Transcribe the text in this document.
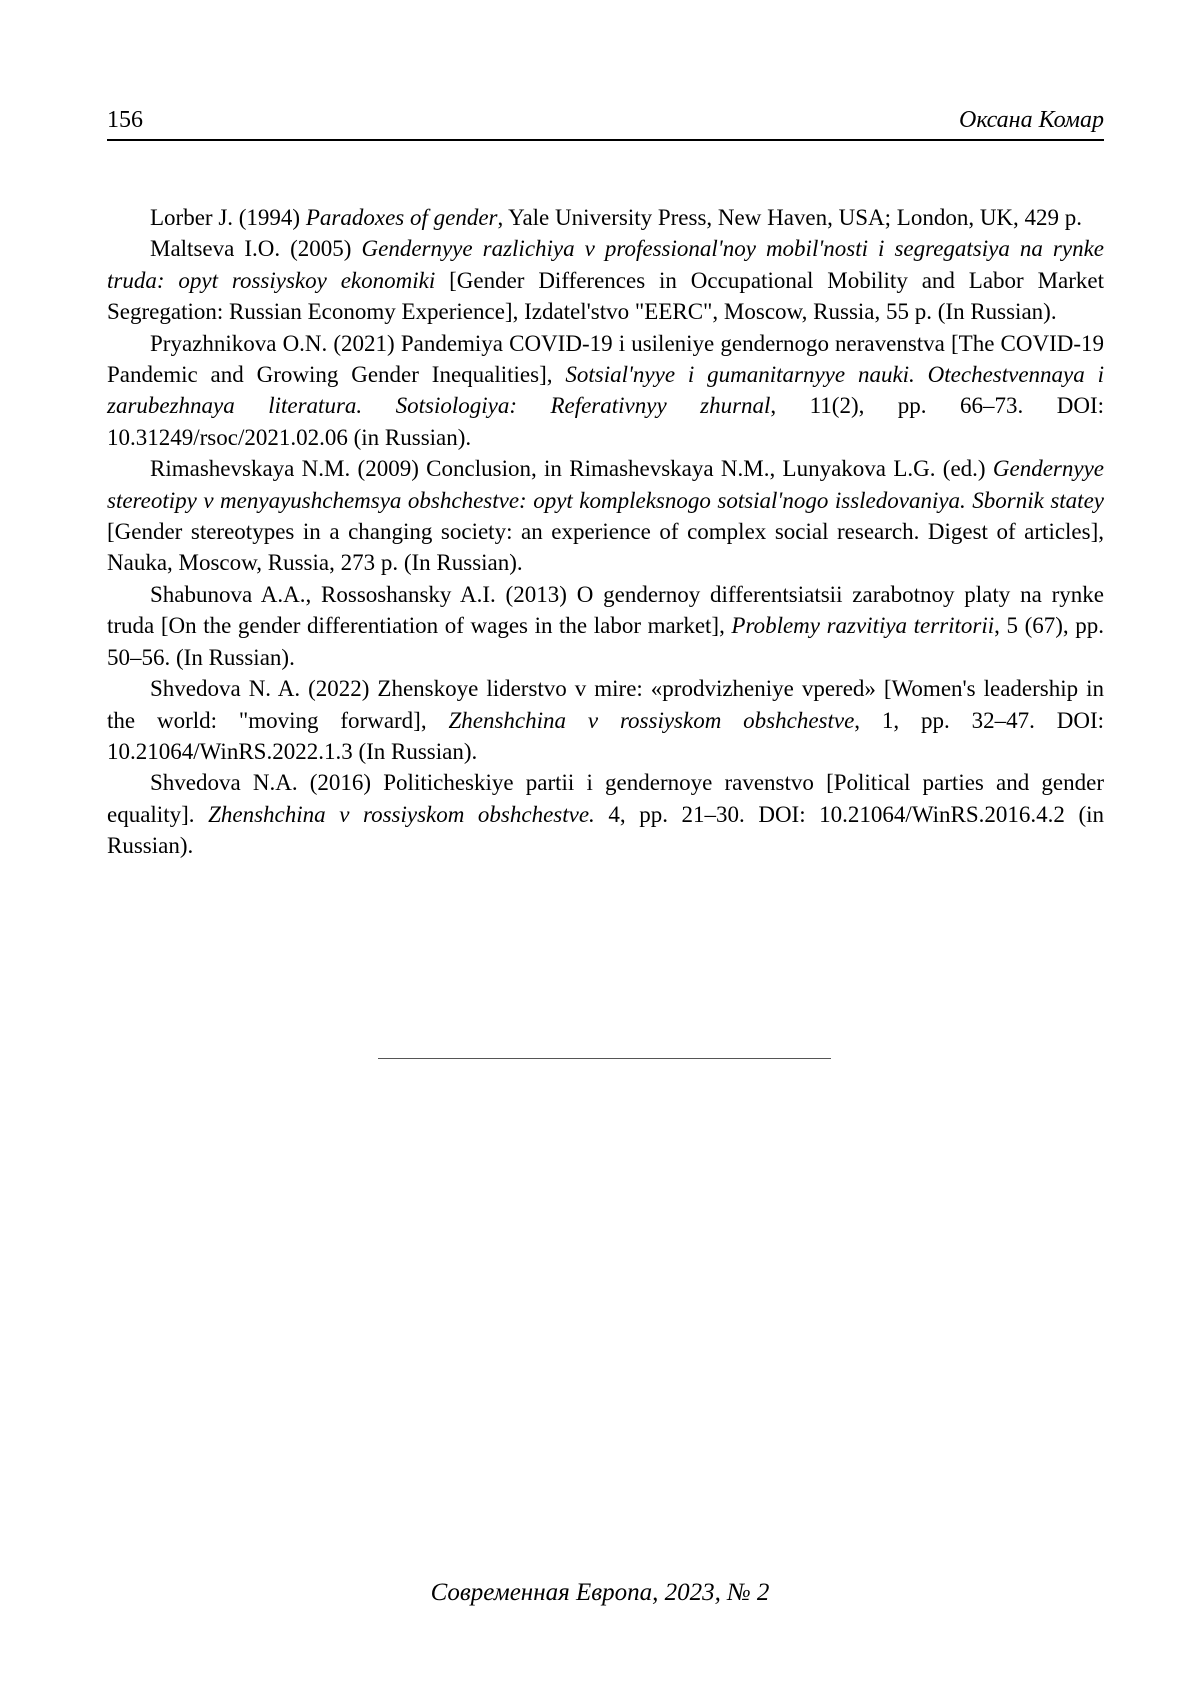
156	Оксана Комар

Lorber J. (1994) Paradoxes of gender, Yale University Press, New Haven, USA; London, UK, 429 p.

Maltseva I.O. (2005) Gendernyye razlichiya v professional'noy mobil'nosti i segregatsiya na rynke truda: opyt rossiyskoy ekonomiki [Gender Differences in Occupational Mobility and Labor Market Segregation: Russian Economy Experience], Izdatel'stvo "EERC", Moscow, Russia, 55 p. (In Russian).

Pryazhnikova O.N. (2021) Pandemiya COVID-19 i usileniye gendernogo neravenstva [The COVID-19 Pandemic and Growing Gender Inequalities], Sotsial'nyye i gumanitarnyye nauki. Otechestvennaya i zarubezhnaya literatura. Sotsiologiya: Referativnyy zhurnal, 11(2), pp. 66–73. DOI: 10.31249/rsoc/2021.02.06 (in Russian).

Rimashevskaya N.M. (2009) Conclusion, in Rimashevskaya N.M., Lunyakova L.G. (ed.) Gendernyye stereotipy v menyayushchemsya obshchestve: opyt kompleksnogo sotsial'nogo issledovaniya. Sbornik statey [Gender stereotypes in a changing society: an experience of complex social research. Digest of articles], Nauka, Moscow, Russia, 273 p. (In Russian).

Shabunova A.A., Rossoshansky A.I. (2013) O gendernoy differentsiatsii zarabotnoy platy na rynke truda [On the gender differentiation of wages in the labor market], Problemy razvitiya territorii, 5 (67), pp. 50–56. (In Russian).

Shvedova N. A. (2022) Zhenskoye liderstvo v mire: «prodvizheniye vpered» [Women's leadership in the world: "moving forward], Zhenshchina v rossiyskom obshchestve, 1, pp. 32–47. DOI: 10.21064/WinRS.2022.1.3 (In Russian).

Shvedova N.A. (2016) Politicheskiye partii i gendernoye ravenstvo [Political parties and gender equality]. Zhenshchina v rossiyskom obshchestve. 4, pp. 21–30. DOI: 10.21064/WinRS.2016.4.2 (in Russian).

Современная Европа, 2023, № 2
